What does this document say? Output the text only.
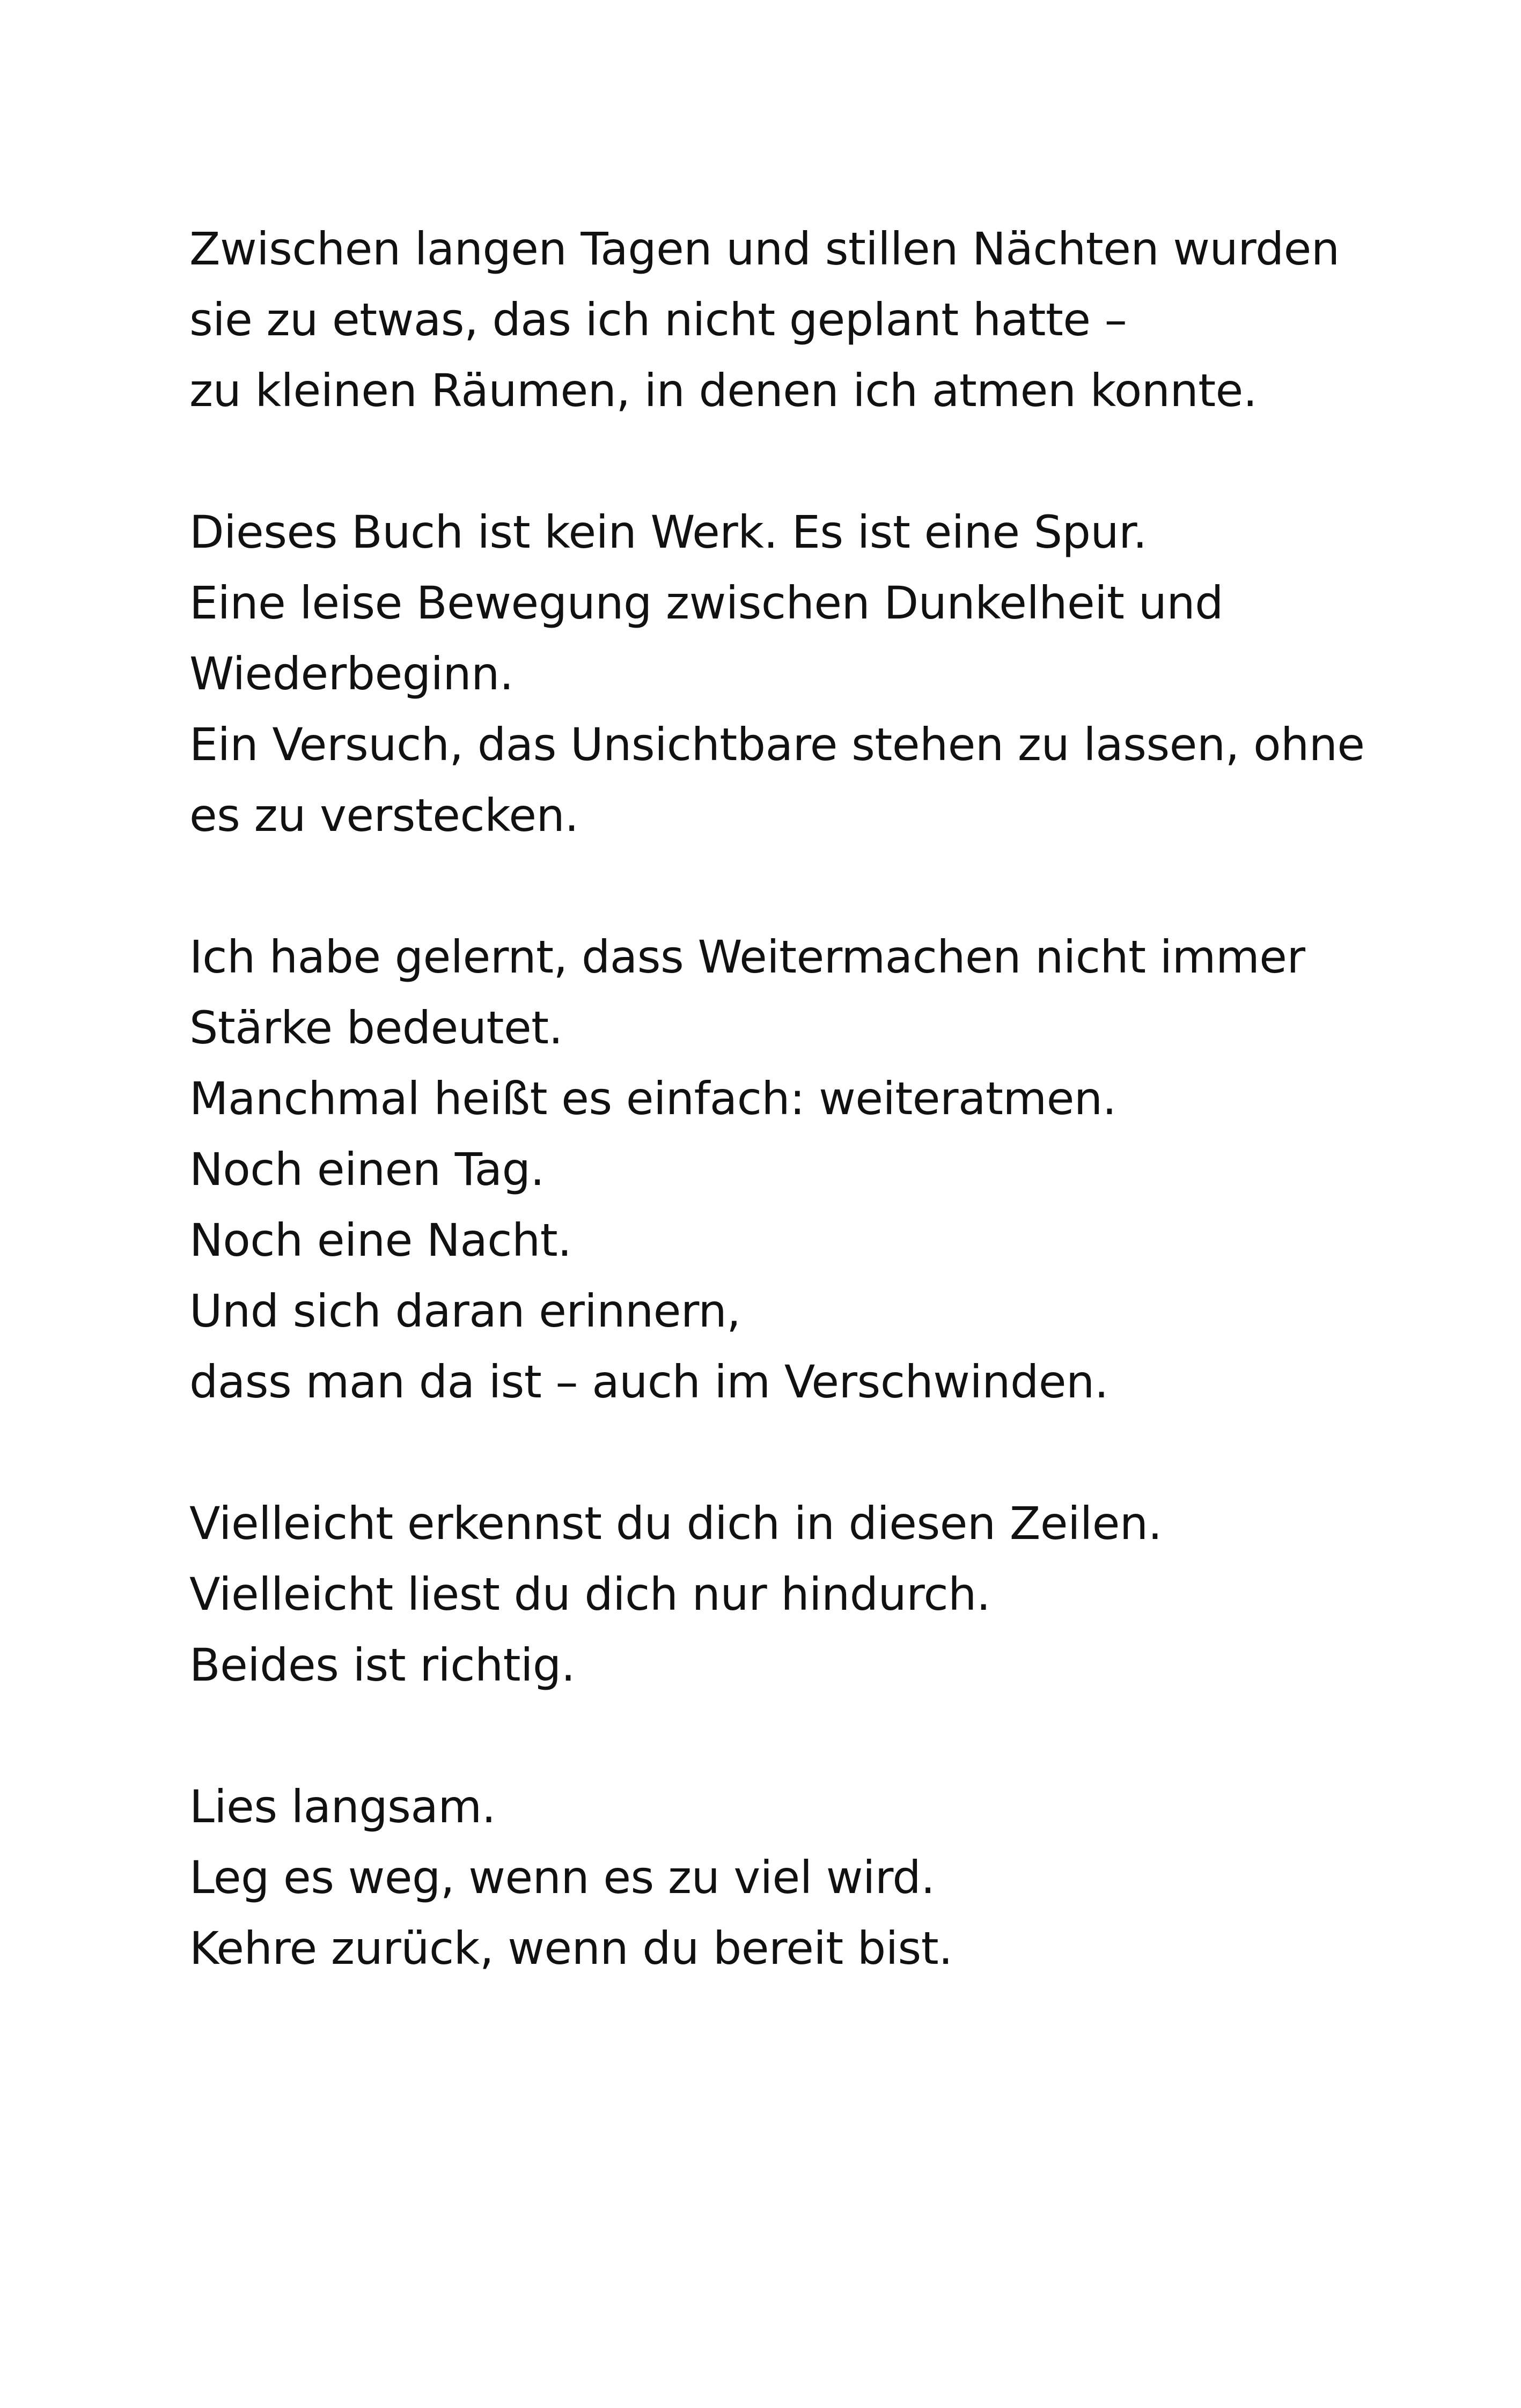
Zwischen langen Tagen und stillen Nächten wurden
sie zu etwas, das ich nicht geplant hatte –
zu kleinen Räumen, in denen ich atmen konnte.

Dieses Buch ist kein Werk. Es ist eine Spur.
Eine leise Bewegung zwischen Dunkelheit und
Wiederbeginn.
Ein Versuch, das Unsichtbare stehen zu lassen, ohne
es zu verstecken.

Ich habe gelernt, dass Weitermachen nicht immer
Stärke bedeutet.
Manchmal heißt es einfach: weiteratmen.
Noch einen Tag.
Noch eine Nacht.
Und sich daran erinnern,
dass man da ist – auch im Verschwinden.

Vielleicht erkennst du dich in diesen Zeilen.
Vielleicht liest du dich nur hindurch.
Beides ist richtig.

Lies langsam.
Leg es weg, wenn es zu viel wird.
Kehre zurück, wenn du bereit bist.
